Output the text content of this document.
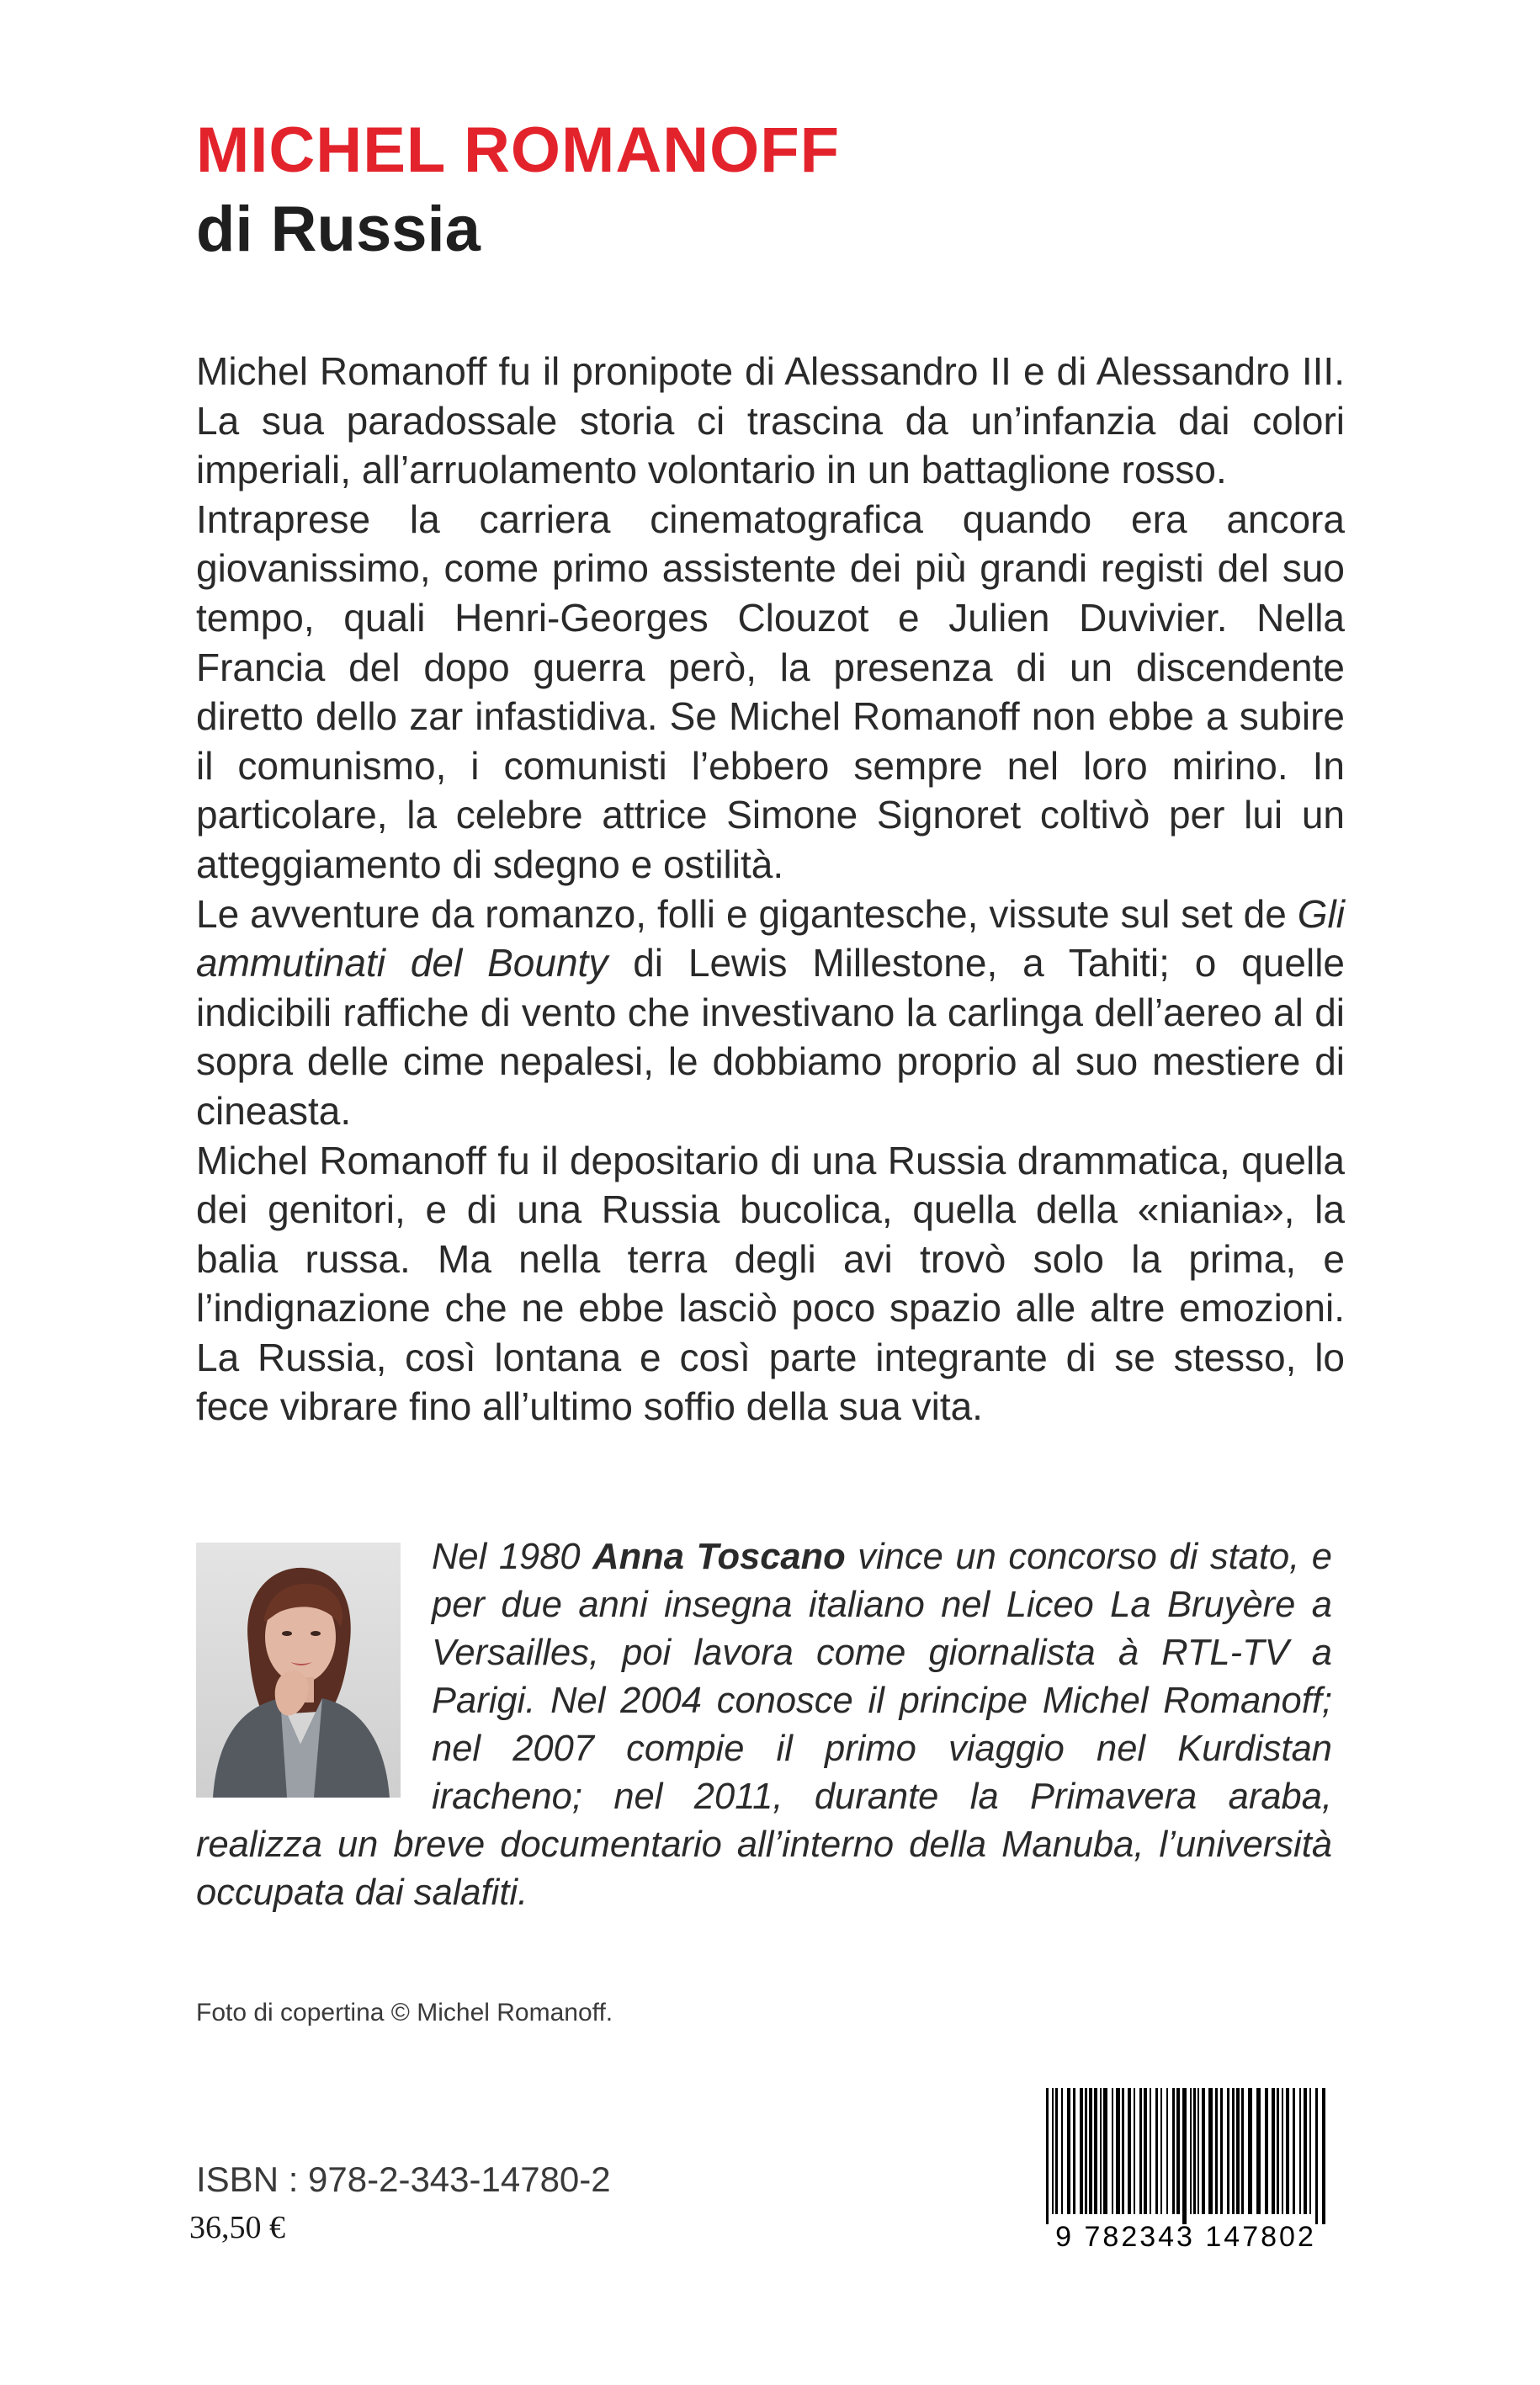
MICHEL ROMANOFF
di Russia

Michel Romanoff fu il pronipote di Alessandro II e di Alessandro III. La sua paradossale storia ci trascina da un’infanzia dai colori imperiali, all’arruolamento volontario in un battaglione rosso.

Intraprese la carriera cinematografica quando era ancora giovanissimo, come primo assistente dei più grandi registi del suo tempo, quali Henri-Georges Clouzot e Julien Duvivier. Nella Francia del dopo guerra però, la presenza di un discendente diretto dello zar infastidiva. Se Michel Romanoff non ebbe a subire il comunismo, i comunisti l’ebbero sempre nel loro mirino. In particolare, la celebre attrice Simone Signoret coltivò per lui un atteggiamento di sdegno e ostilità.

Le avventure da romanzo, folli e gigantesche, vissute sul set de Gli ammutinati del Bounty di Lewis Millestone, a Tahiti; o quelle indicibili raffiche di vento che investivano la carlinga dell’aereo al di sopra delle cime nepalesi, le dobbiamo proprio al suo mestiere di cineasta.

Michel Romanoff fu il depositario di una Russia drammatica, quella dei genitori, e di una Russia bucolica, quella della «niania», la balia russa. Ma nella terra degli avi trovò solo la prima, e l’indignazione che ne ebbe lasciò poco spazio alle altre emozioni. La Russia, così lontana e così parte integrante di se stesso, lo fece vibrare fino all’ultimo soffio della sua vita.

Nel 1980 Anna Toscano vince un concorso di stato, e per due anni insegna italiano nel Liceo La Bruyère a Versailles, poi lavora come giornalista à RTL-TV a Parigi. Nel 2004 conosce il principe Michel Romanoff; nel 2007 compie il primo viaggio nel Kurdistan iracheno; nel 2011, durante la Primavera araba, realizza un breve documentario all’interno della Manuba, l’università occupata dai salafiti.
Foto di copertina © Michel Romanoff.
ISBN : 978-2-343-14780-2
36,50 €	9 782343 147802
